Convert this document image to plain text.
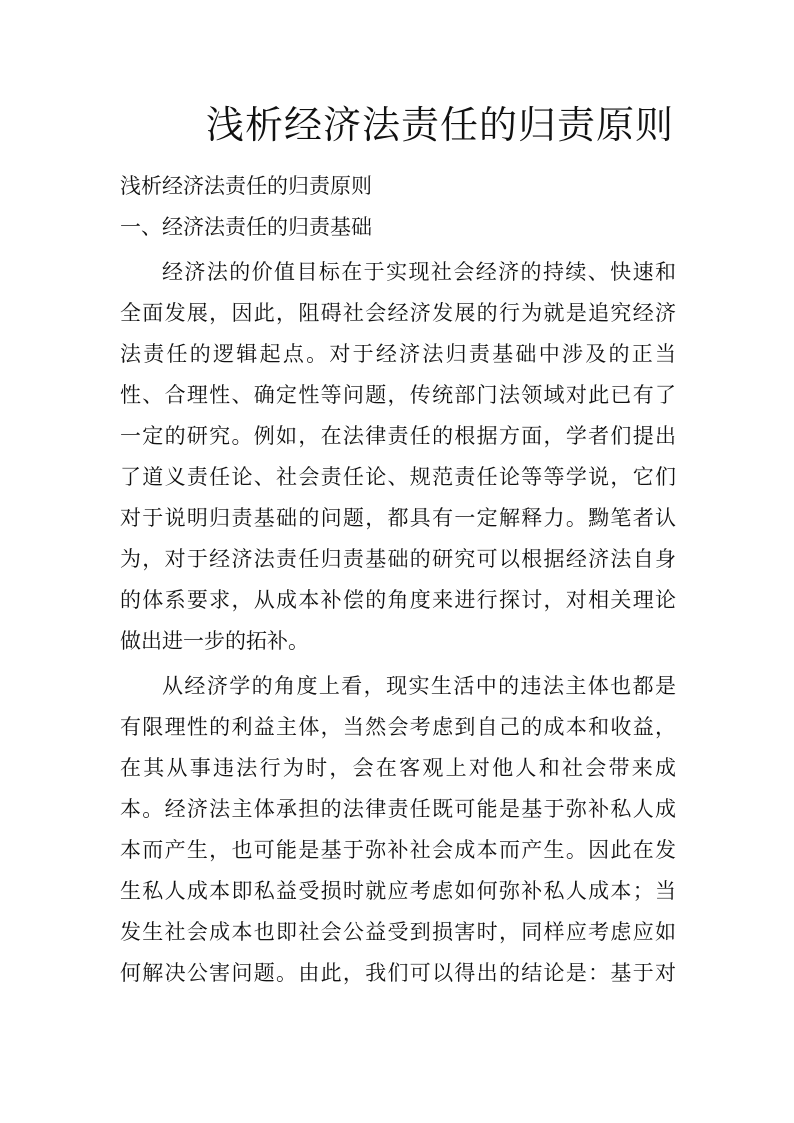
浅析经济法责任的归责原则

浅析经济法责任的归责原则

一、经济法责任的归责基础

经济法的价值目标在于实现社会经济的持续、快速和

全面发展，因此，阻碍社会经济发展的行为就是追究经济

法责任的逻辑起点。对于经济法归责基础中涉及的正当

性、合理性、确定性等问题，传统部门法领域对此已有了

一定的研究。例如，在法律责任的根据方面，学者们提出

了道义责任论、社会责任论、规范责任论等等学说，它们

对于说明归责基础的问题，都具有一定解释力。黝笔者认

为，对于经济法责任归责基础的研究可以根据经济法自身

的体系要求，从成本补偿的角度来进行探讨，对相关理论

做出进一步的拓补。

从经济学的角度上看，现实生活中的违法主体也都是

有限理性的利益主体，当然会考虑到自己的成本和收益，

在其从事违法行为时，会在客观上对他人和社会带来成

本。经济法主体承担的法律责任既可能是基于弥补私人成

本而产生，也可能是基于弥补社会成本而产生。因此在发

生私人成本即私益受损时就应考虑如何弥补私人成本；当

发生社会成本也即社会公益受到损害时，同样应考虑应如

何解决公害问题。由此，我们可以得出的结论是：基于对
